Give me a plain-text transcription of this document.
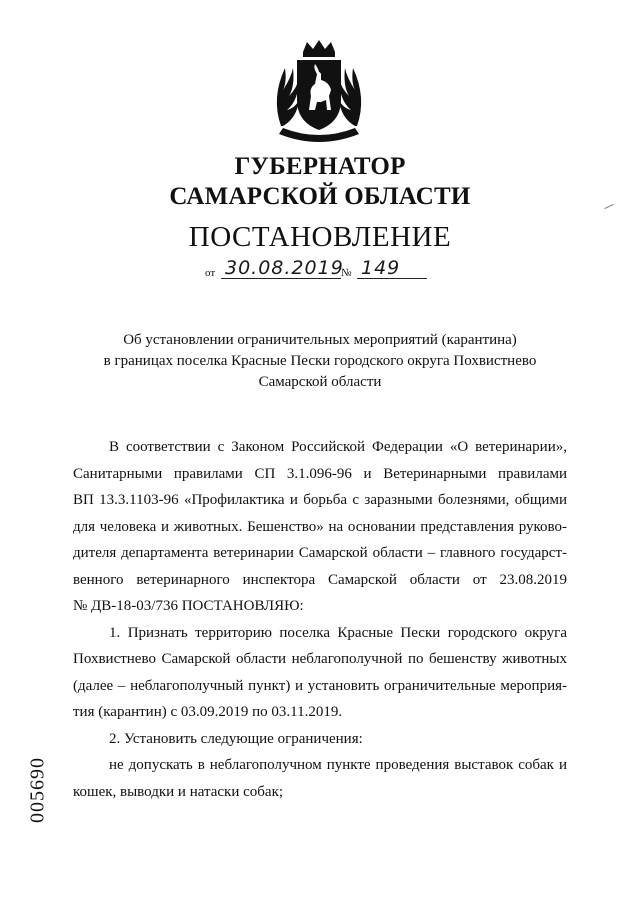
ГУБЕРНАТОР
САМАРСКОЙ ОБЛАСТИ
ПОСТАНОВЛЕНИЕ
от 30.08.2019
№ 149
Об установлении ограничительных мероприятий (карантина)
в границах поселка Красные Пески городского округа Похвистнево
Самарской области
В соответствии с Законом Российской Федерации «О ветеринарии»,
Санитарными правилами СП 3.1.096-96 и Ветеринарными правилами
ВП 13.3.1103-96 «Профилактика и борьба с заразными болезнями, общими
для человека и животных. Бешенство» на основании представления руково-
дителя департамента ветеринарии Самарской области – главного государст-
венного ветеринарного инспектора Самарской области от 23.08.2019
№ ДВ-18-03/736 ПОСТАНОВЛЯЮ:
1. Признать территорию поселка Красные Пески городского округа
Похвистнево Самарской области неблагополучной по бешенству животных
(далее – неблагополучный пункт) и установить ограничительные мероприя-
тия (карантин) с 03.09.2019 по 03.11.2019.
2. Установить следующие ограничения:
не допускать в неблагополучном пункте проведения выставок собак и
кошек, выводки и натаски собак;
005690
